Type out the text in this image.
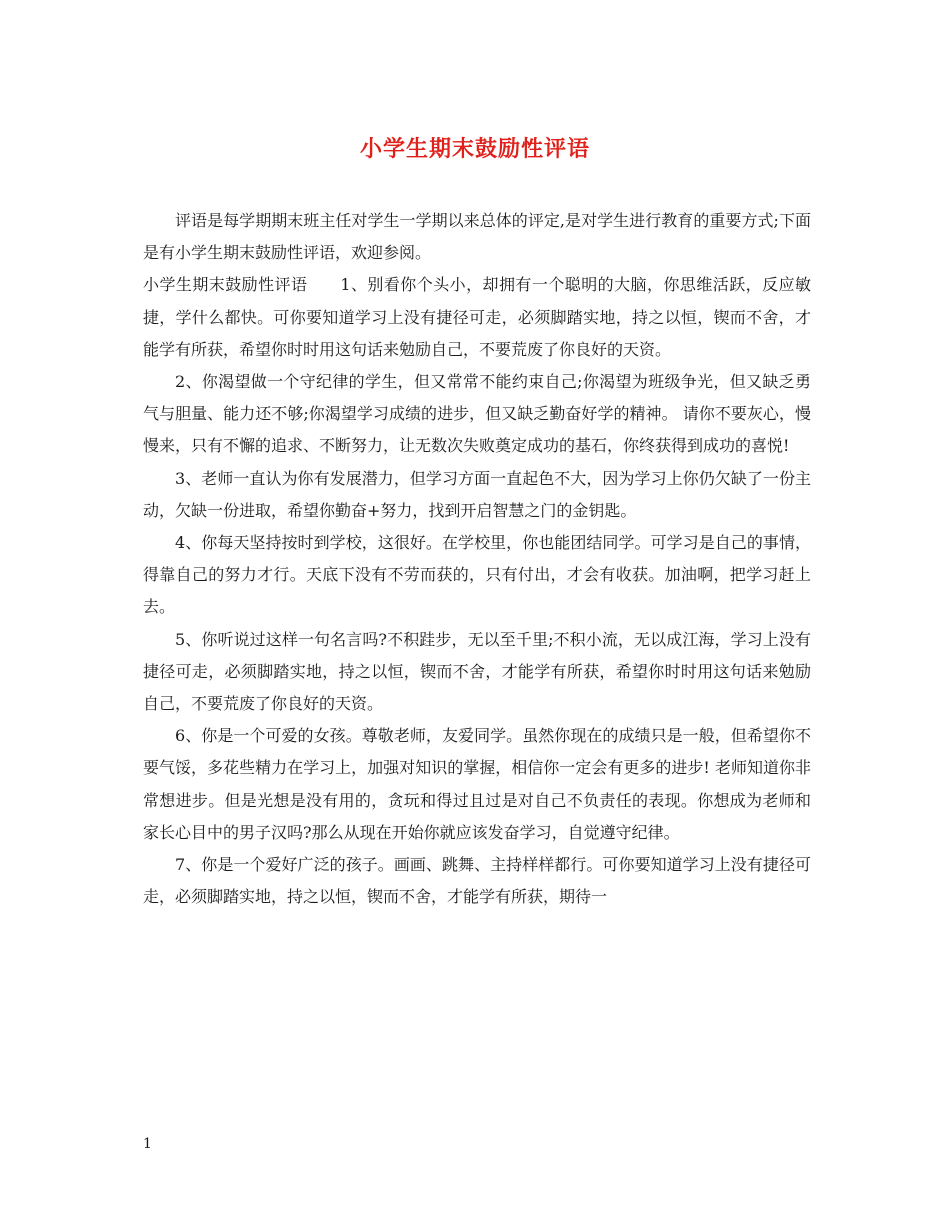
小学生期末鼓励性评语

评语是每学期期末班主任对学生一学期以来总体的评定,是对学生进行教育的重要方式;下面是有小学生期末鼓励性评语，欢迎参阅。

小学生期末鼓励性评语　　1、别看你个头小，却拥有一个聪明的大脑，你思维活跃，反应敏捷，学什么都快。可你要知道学习上没有捷径可走，必须脚踏实地，持之以恒，锲而不舍，才能学有所获，希望你时时用这句话来勉励自己，不要荒废了你良好的天资。

2、你渴望做一个守纪律的学生，但又常常不能约束自己;你渴望为班级争光，但又缺乏勇气与胆量、能力还不够;你渴望学习成绩的进步，但又缺乏勤奋好学的精神。 请你不要灰心，慢慢来，只有不懈的追求、不断努力，让无数次失败奠定成功的基石，你终获得到成功的喜悦!

3、老师一直认为你有发展潜力，但学习方面一直起色不大，因为学习上你仍欠缺了一份主动，欠缺一份进取，希望你勤奋+努力，找到开启智慧之门的金钥匙。

4、你每天坚持按时到学校，这很好。在学校里，你也能团结同学。可学习是自己的事情，得靠自己的努力才行。天底下没有不劳而获的，只有付出，才会有收获。加油啊，把学习赶上去。

5、你听说过这样一句名言吗?不积跬步，无以至千里;不积小流，无以成江海，学习上没有捷径可走，必须脚踏实地，持之以恒，锲而不舍，才能学有所获，希望你时时用这句话来勉励自己，不要荒废了你良好的天资。

6、你是一个可爱的女孩。尊敬老师，友爱同学。虽然你现在的成绩只是一般，但希望你不要气馁，多花些精力在学习上，加强对知识的掌握，相信你一定会有更多的进步! 老师知道你非常想进步。但是光想是没有用的，贪玩和得过且过是对自己不负责任的表现。你想成为老师和家长心目中的男子汉吗?那么从现在开始你就应该发奋学习，自觉遵守纪律。

7、你是一个爱好广泛的孩子。画画、跳舞、主持样样都行。可你要知道学习上没有捷径可走，必须脚踏实地，持之以恒，锲而不舍，才能学有所获，期待一

1
